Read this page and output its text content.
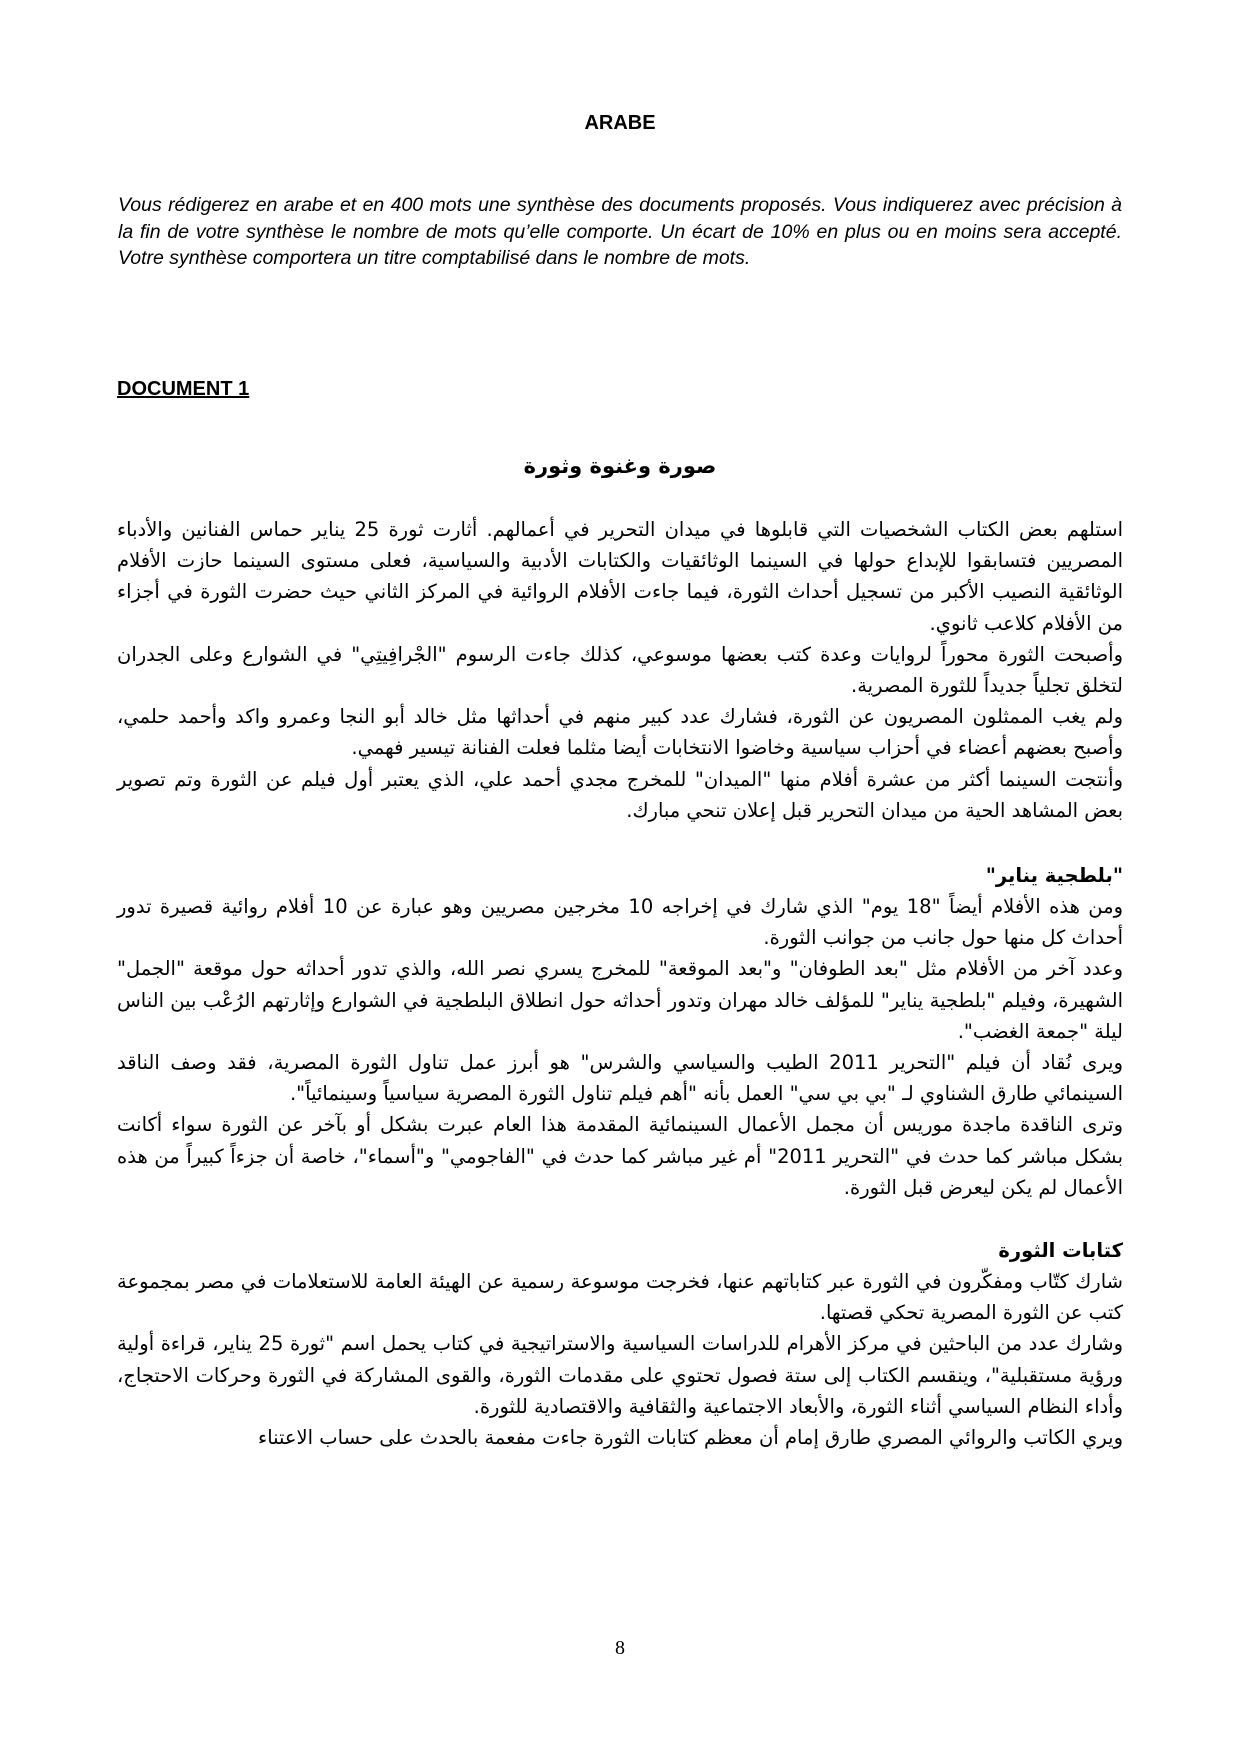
ARABE
Vous rédigerez en arabe et en 400 mots une synthèse des documents proposés. Vous indiquerez avec précision à la fin de votre synthèse le nombre de mots qu’elle comporte. Un écart de 10% en plus ou en moins sera accepté. Votre synthèse comportera un titre comptabilisé dans le nombre de mots.
DOCUMENT 1
صورة وغنوة وثورة

استلهم بعض الكتاب الشخصيات التي قابلوها في ميدان التحرير في أعمالهم. أثارت ثورة 25 يناير حماس الفنانين والأدباء المصريين فتسابقوا للإبداع حولها في السينما الوثائقيات والكتابات الأدبية والسياسية، فعلى مستوى السينما حازت الأفلام الوثائقية النصيب الأكبر من تسجيل أحداث الثورة، فيما جاءت الأفلام الروائية في المركز الثاني حيث حضرت الثورة في أجزاء من الأفلام كلاعب ثانوي.

وأصبحت الثورة محوراً لروايات وعدة كتب بعضها موسوعي، كذلك جاءت الرسوم "الجْرافِيتِي" في الشوارع وعلى الجدران لتخلق تجلياً جديداً للثورة المصرية.

ولم يغب الممثلون المصريون عن الثورة، فشارك عدد كبير منهم في أحداثها مثل خالد أبو النجا وعمرو واكد وأحمد حلمي، وأصبح بعضهم أعضاء في أحزاب سياسية وخاضوا الانتخابات أيضا مثلما فعلت الفنانة تيسير فهمي.

وأنتجت السينما أكثر من عشرة أفلام منها "الميدان" للمخرج مجدي أحمد علي، الذي يعتبر أول فيلم عن الثورة وتم تصوير بعض المشاهد الحية من ميدان التحرير قبل إعلان تنحي مبارك.

"بلطجية يناير"

ومن هذه الأفلام أيضاً "18 يوم" الذي شارك في إخراجه 10 مخرجين مصريين وهو عبارة عن 10 أفلام روائية قصيرة تدور أحداث كل منها حول جانب من جوانب الثورة.

وعدد آخر من الأفلام مثل "بعد الطوفان" و"بعد الموقعة" للمخرج يسري نصر الله، والذي تدور أحداثه حول موقعة "الجمل" الشهيرة، وفيلم "بلطجية يناير" للمؤلف خالد مهران وتدور أحداثه حول انطلاق البلطجية في الشوارع وإثارتهم الرُعْب بين الناس ليلة "جمعة الغضب".

ويرى نُقاد أن فيلم "التحرير 2011 الطيب والسياسي والشرس" هو أبرز عمل تناول الثورة المصرية، فقد وصف الناقد السينمائي طارق الشناوي لـ "بي بي سي" العمل بأنه "أهم فيلم تناول الثورة المصرية سياسياً وسينمائياً".

وترى الناقدة ماجدة موريس أن مجمل الأعمال السينمائية المقدمة هذا العام عبرت بشكل أو بآخر عن الثورة سواء أكانت بشكل مباشر كما حدث في "التحرير 2011" أم غير مباشر كما حدث في "الفاجومي" و"أسماء"، خاصة أن جزءاً كبيراً من هذه الأعمال لم يكن ليعرض قبل الثورة.

كتابات الثورة

شارك كتّاب ومفكّرون في الثورة عبر كتاباتهم عنها، فخرجت موسوعة رسمية عن الهيئة العامة للاستعلامات في مصر بمجموعة كتب عن الثورة المصرية تحكي قصتها.

وشارك عدد من الباحثين في مركز الأهرام للدراسات السياسية والاستراتيجية في كتاب يحمل اسم "ثورة 25 يناير، قراءة أولية ورؤية مستقبلية"، وينقسم الكتاب إلى ستة فصول تحتوي على مقدمات الثورة، والقوى المشاركة في الثورة وحركات الاحتجاج، وأداء النظام السياسي أثناء الثورة، والأبعاد الاجتماعية والثقافية والاقتصادية للثورة.

ويري الكاتب والروائي المصري طارق إمام أن معظم كتابات الثورة جاءت مفعمة بالحدث على حساب الاعتناء

8
